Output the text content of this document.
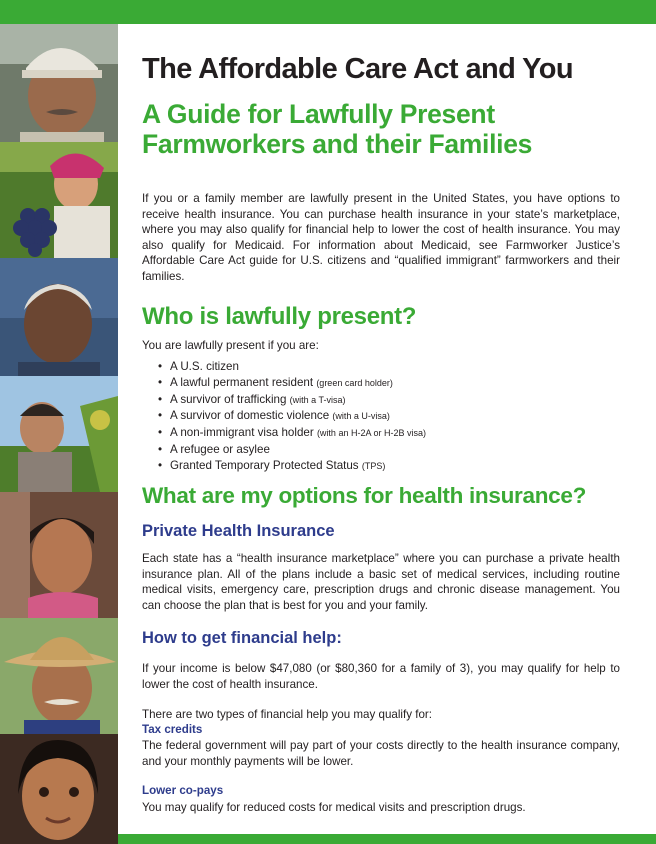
The Affordable Care Act and You
A Guide for Lawfully Present
Farmworkers and their Families

If you or a family member are lawfully present in the United States, you have options to receive health insurance. You can purchase health insurance in your state’s marketplace, where you may also qualify for financial help to lower the cost of health insurance. You may also qualify for Medicaid. For information about Medicaid, see Farmworker Justice’s Affordable Care Act guide for U.S. citizens and “qualified immigrant” farmworkers and their families.

Who is lawfully present?

You are lawfully present if you are:

• A U.S. citizen
• A lawful permanent resident (green card holder)
• A survivor of trafficking (with a T-visa)
• A survivor of domestic violence (with a U-visa)
• A non-immigrant visa holder (with an H-2A or H-2B visa)
• A refugee or asylee
• Granted Temporary Protected Status (TPS)
What are my options for health insurance?
Private Health Insurance

Each state has a “health insurance marketplace” where you can purchase a private health insurance plan. All of the plans include a basic set of medical services, including routine medical visits, emergency care, prescription drugs and chronic disease management. You can choose the plan that is best for you and your family.

How to get financial help:

If your income is below $47,080 (or $80,360 for a family of 3), you may qualify for help to lower the cost of health insurance.

There are two types of financial help you may qualify for:

Tax credits

The federal government will pay part of your costs directly to the health insurance company, and your monthly payments will be lower.

Lower co-pays

You may qualify for reduced costs for medical visits and prescription drugs.
